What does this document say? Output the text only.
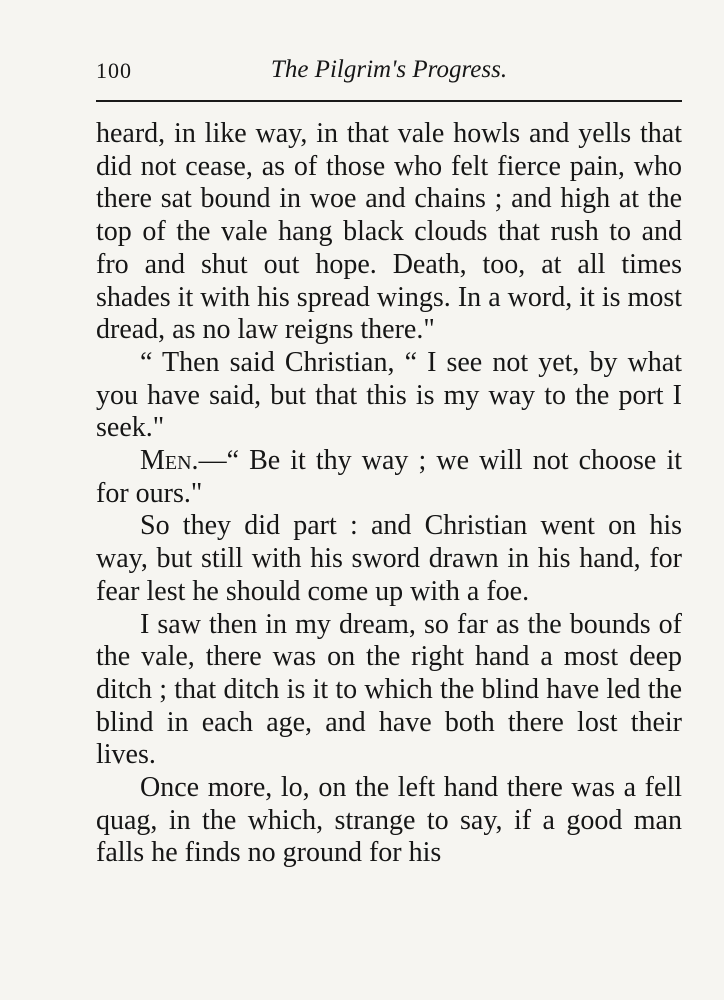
100	The Pilgrim's Progress.

heard, in like way, in that vale howls and yells that did not cease, as of those who felt fierce pain, who there sat bound in woe and chains ; and high at the top of the vale hang black clouds that rush to and fro and shut out hope. Death, too, at all times shades it with his spread wings. In a word, it is most dread, as no law reigns there."

“ Then said Christian, “ I see not yet, by what you have said, but that this is my way to the port I seek."

Men.—“ Be it thy way ; we will not choose it for ours."

So they did part : and Christian went on his way, but still with his sword drawn in his hand, for fear lest he should come up with a foe.

I saw then in my dream, so far as the bounds of the vale, there was on the right hand a most deep ditch ; that ditch is it to which the blind have led the blind in each age, and have both there lost their lives.

Once more, lo, on the left hand there was a fell quag, in the which, strange to say, if a good man falls he finds no ground for his
